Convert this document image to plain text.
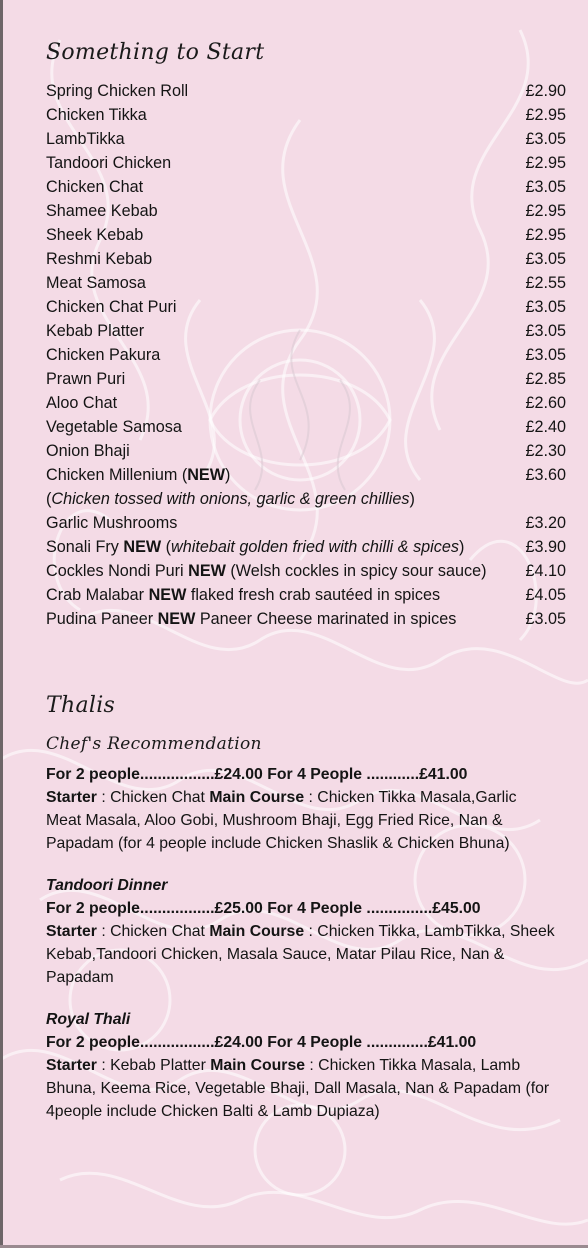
Something to Start
Spring Chicken Roll	£2.90
Chicken Tikka	£2.95
LambTikka	£3.05
Tandoori Chicken	£2.95
Chicken Chat	£3.05
Shamee Kebab	£2.95
Sheek Kebab	£2.95
Reshmi Kebab	£3.05
Meat Samosa	£2.55
Chicken Chat Puri	£3.05
Kebab Platter	£3.05
Chicken Pakura	£3.05
Prawn Puri	£2.85
Aloo Chat	£2.60
Vegetable Samosa	£2.40
Onion Bhaji	£2.30
Chicken Millenium (NEW)	£3.60
(Chicken tossed with onions, garlic & green chillies)
Garlic Mushrooms	£3.20
Sonali Fry NEW (whitebait golden fried with chilli & spices)	£3.90
Cockles Nondi Puri NEW (Welsh cockles in spicy sour sauce) £4.10
Crab Malabar NEW flaked fresh crab sautéed in spices	£4.05
Pudina Paneer NEW Paneer Cheese marinated in spices	£3.05
Thalis
Chef's Recommendation
For 2 people.................£24.00 For 4 People ............£41.00
Starter : Chicken Chat Main Course : Chicken Tikka Masala,Garlic Meat Masala, Aloo Gobi, Mushroom Bhaji, Egg Fried Rice, Nan & Papadam (for 4 people include Chicken Shaslik & Chicken Bhuna)
Tandoori Dinner
For 2 people.................£25.00 For 4 People ...............£45.00
Starter : Chicken Chat Main Course : Chicken Tikka, LambTikka, Sheek Kebab,Tandoori Chicken, Masala Sauce, Matar Pilau Rice, Nan & Papadam
Royal Thali
For 2 people.................£24.00 For 4 People ..............£41.00
Starter : Kebab Platter Main Course : Chicken Tikka Masala, Lamb Bhuna, Keema Rice, Vegetable Bhaji, Dall Masala, Nan & Papadam (for 4people include Chicken Balti & Lamb Dupiaza)
